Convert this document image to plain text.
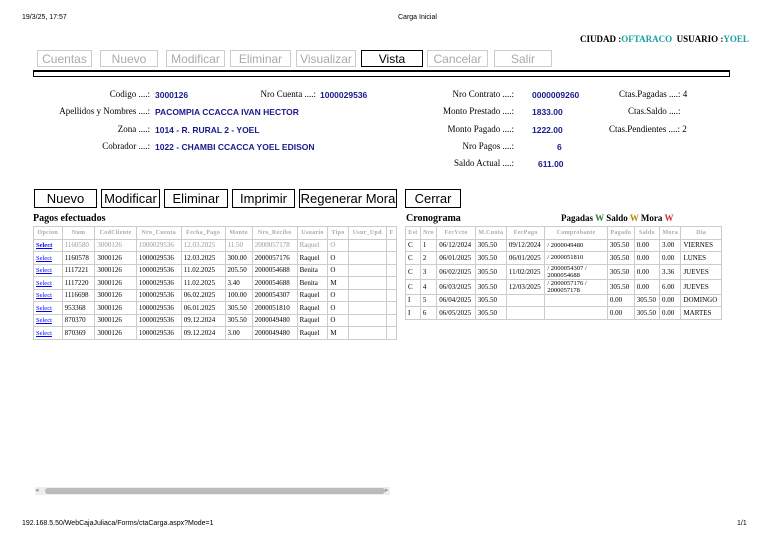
19/3/25, 17:57	Carga Inicial
CIUDAD :OFTARACO USUARIO :YOEL
Cuentas	Nuevo	Modificar	Eliminar	Visualizar	Vista	Cancelar	Salir
Codigo ....: 3000126	Nro Cuenta ....: 1000029536
Apellidos y Nombres ....: PACOMPIA CCACCA IVAN HECTOR
Zona ....: 1014 - R. RURAL 2 - YOEL
Cobrador ....: 1022 - CHAMBI CCACCA YOEL EDISON
Nro Contrato ....: 0000009260
Monto Prestado ....: 1833.00
Monto Pagado ....: 1222.00
Nro Pagos ....:	6
Saldo Actual ....:	611.00
Ctas.Pagadas ....: 4
Ctas.Saldo ....:
Ctas.Pendientes ....: 2
Nuevo	Modificar	Eliminar	Imprimir	Regenerar Mora	Cerrar
Pagos efectuados	Cronograma	Pagadas W Saldo W Mora W
Opcion	Num	CodCliente	Nro_Cuenta	Fecha_Pago	Monto	Nro_Recibo	Usuario	Tipo	Usur_Upd	F
Select	1160580	3000126	1000029536	12.03.2025	11.50	2000057178	Raquel	O		
Select	1160578	3000126	1000029536	12.03.2025	300.00	2000057176	Raquel	O		
Select	1117221	3000126	1000029536	11.02.2025	205.50	2000054688	Benita	O		
Select	1117220	3000126	1000029536	11.02.2025	3.40	2000054688	Benita	M		
Select	1116698	3000126	1000029536	06.02.2025	100.00	2000054307	Raquel	O		
Select	953368	3000126	1000029536	06.01.2025	305.50	2000051810	Raquel	O		
Select	870370	3000126	1000029536	09.12.2024	305.50	2000049480	Raquel	O		
Select	870369	3000126	1000029536	09.12.2024	3.00	2000049480	Raquel	M		
Est	Nro	FecVcto	M.Cuota	FecPago	Comprobante	Pagado	Saldo	Mora	Dia
C	1	06/12/2024	305.50	09/12/2024	/ 2000049480	305.50	0.00	3.00	VIERNES
C	2	06/01/2025	305.50	06/01/2025	/ 2000051810	305.50	0.00	0.00	LUNES
C	3	06/02/2025	305.50	11/02/2025	/ 2000054307 / 2000054688	305.50	0.00	3.36	JUEVES
C	4	06/03/2025	305.50	12/03/2025	/ 2000057176 / 2000057178	305.50	0.00	6.00	JUEVES
I	5	06/04/2025	305.50			0.00	305.50	0.00	DOMINGO
I	6	06/05/2025	305.50			0.00	305.50	0.00	MARTES
◂	▸
192.168.5.50/WebCajaJuliaca/Forms/ctaCarga.aspx?Mode=1	1/1
